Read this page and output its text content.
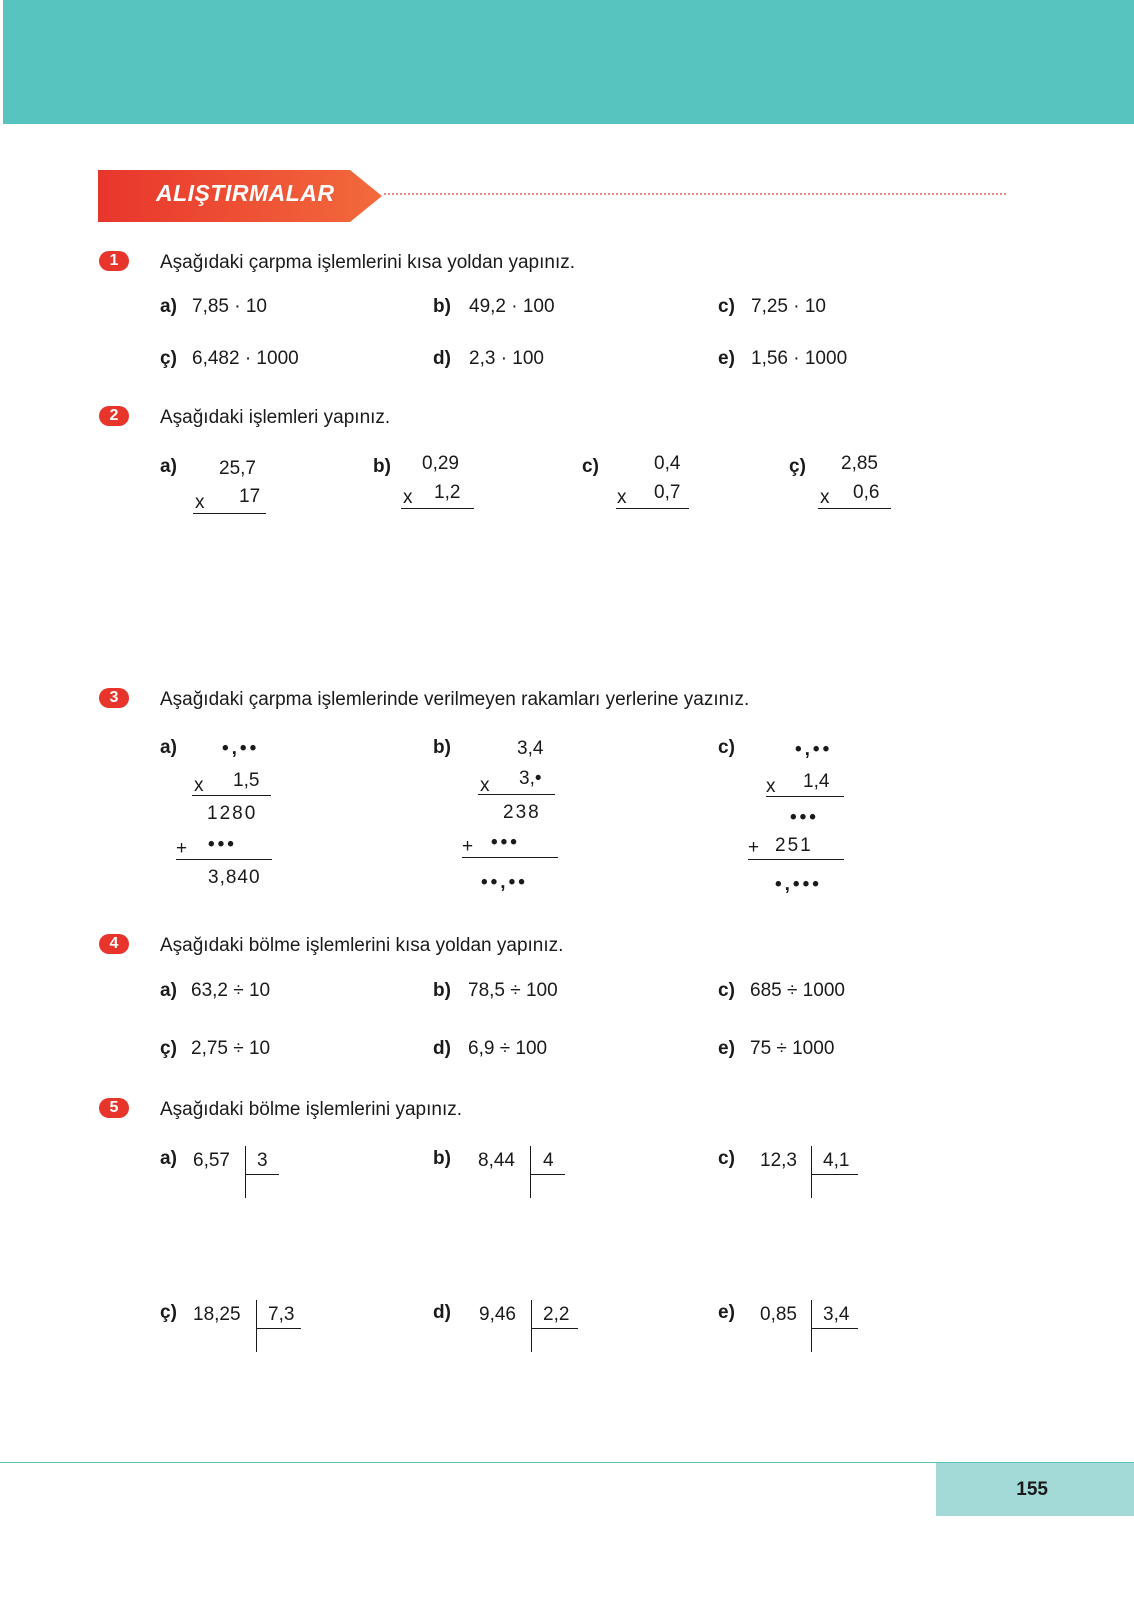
ALIŞTIRMALAR
1	Aşağıdaki çarpma işlemlerini kısa yoldan yapınız.
a) 7,85 · 10	b) 49,2 · 100	c) 7,25 · 10
ç) 6,482 · 1000	d) 2,3 · 100	e) 1,56 · 1000
2	Aşağıdaki işlemleri yapınız.
a) 25,7
x 17
b) 0,29
x 1,2
c)	0,4
x 0,7
ç) 2,85
x 0,6
3	Aşağıdaki çarpma işlemlerinde verilmeyen rakamları yerlerine yazınız.
a) •,••
x 1,5
1280
+ •••
3,840
b)	3,4
x 3,•
238
+ •••
••,••
c)	•,••
x 1,4
•••
+ 251
•,•••
4	Aşağıdaki bölme işlemlerini kısa yoldan yapınız.
a) 63,2 ÷ 10	b) 78,5 ÷ 100	c) 685 ÷ 1000
ç) 2,75 ÷ 10	d) 6,9 ÷ 100	e) 75 ÷ 1000
5	Aşağıdaki bölme işlemlerini yapınız.
a) 6,57 3	b) 8,44 4	c) 12,3 4,1
ç) 18,25 7,3	d) 9,46 2,2	e) 0,85 3,4
155
